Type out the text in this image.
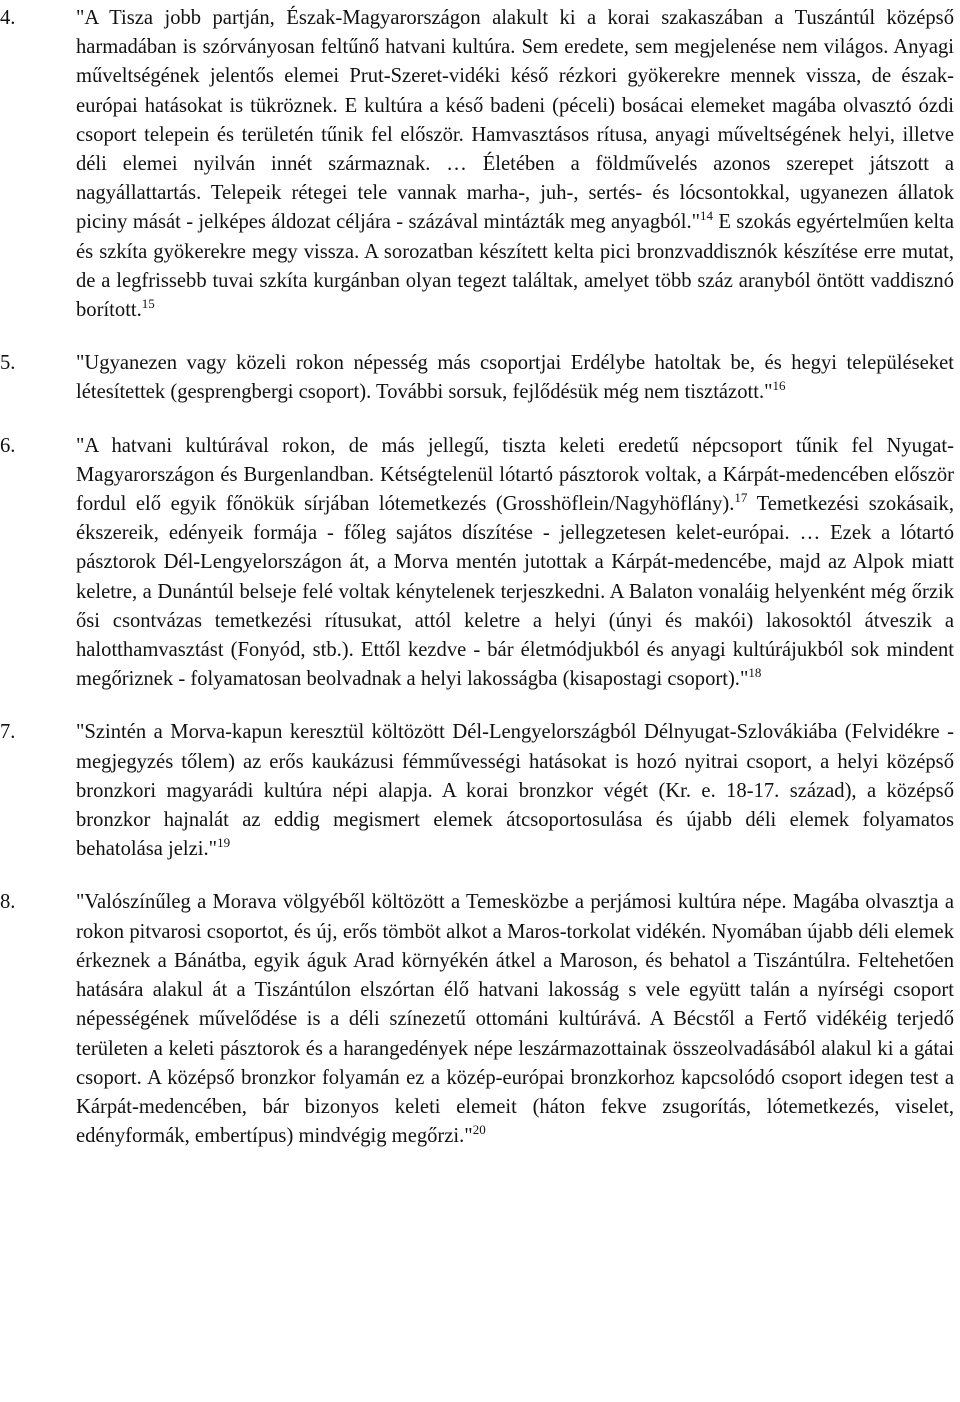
4.	"A Tisza jobb partján, Észak-Magyarországon alakult ki a korai szakaszában a Tuszántúl középső harmadában is szórványosan feltűnő hatvani kultúra. Sem eredete, sem megjelenése nem világos. Anyagi műveltségének jelentős elemei Prut-Szeret-vidéki késő rézkori gyökerekre mennek vissza, de észak-európai hatásokat is tükröznek. E kultúra a késő badeni (péceli) bosácai elemeket magába olvasztó ózdi csoport telepein és területén tűnik fel először. Hamvasztásos rítusa, anyagi műveltségének helyi, illetve déli elemei nyilván innét származnak. … Életében a földművelés azonos szerepet játszott a nagyállattartás. Telepeik rétegei tele vannak marha-, juh-, sertés- és lócsontokkal, ugyanezen állatok piciny mását - jelképes áldozat céljára - százával mintázták meg anyagból."$^{14}$ E szokás egyértelműen kelta és szkíta gyökerekre megy vissza. A sorozatban készített kelta pici bronzvaddisznók készítése erre mutat, de a legfrissebb tuvai szkíta kurgánban olyan tegezt találtak, amelyet több száz aranyból öntött vaddisznó borított.$^{15}$
5.	"Ugyanezen vagy közeli rokon népesség más csoportjai Erdélybe hatoltak be, és hegyi településeket létesítettek (gesprengbergi csoport). További sorsuk, fejlődésük még nem tisztázott."$^{16}$
6.	"A hatvani kultúrával rokon, de más jellegű, tiszta keleti eredetű népcsoport tűnik fel Nyugat-Magyarországon és Burgenlandban. Kétségtelenül lótartó pásztorok voltak, a Kárpát-medencében először fordul elő egyik főnökük sírjában lótemetkezés (Grosshöflein/Nagyhöflány).$^{17}$ Temetkezési szokásaik, ékszereik, edényeik formája - főleg sajátos díszítése - jellegzetesen kelet-európai. … Ezek a lótartó pásztorok Dél-Lengyelországon át, a Morva mentén jutottak a Kárpát-medencébe, majd az Alpok miatt keletre, a Dunántúl belseje felé voltak kénytelenek terjeszkedni. A Balaton vonaláig helyenként még őrzik ősi csontvázas temetkezési rítusukat, attól keletre a helyi (únyi és makói) lakosoktól átveszik a halotthamvasztást (Fonyód, stb.). Ettől kezdve - bár életmódjukból és anyagi kultúrájukból sok mindent megőriznek - folyamatosan beolvadnak a helyi lakosságba (kisapostagi csoport)."$^{18}$
7.	"Szintén a Morva-kapun keresztül költözött Dél-Lengyelországból Délnyugat-Szlovákiába (Felvidékre - megjegyzés tőlem) az erős kaukázusi fémművességi hatásokat is hozó nyitrai csoport, a helyi középső bronzkori magyarádi kultúra népi alapja. A korai bronzkor végét (Kr. e. 18-17. század), a középső bronzkor hajnalát az eddig megismert elemek átcsoportosulása és újabb déli elemek folyamatos behatolása jelzi."$^{19}$
8.	"Valószínűleg a Morava völgyéből költözött a Temesközbe a perjámosi kultúra népe. Magába olvasztja a rokon pitvarosi csoportot, és új, erős tömböt alkot a Maros-torkolat vidékén. Nyomában újabb déli elemek érkeznek a Bánátba, egyik águk Arad környékén átkel a Maroson, és behatol a Tiszántúlra. Feltehetően hatására alakul át a Tiszántúlon elszórtan élő hatvani lakosság s vele együtt talán a nyírségi csoport népességének művelődése is a déli színezetű ottománi kultúrává. A Bécstől a Fertő vidékéig terjedő területen a keleti pásztorok és a harangedények népe leszármazottainak összeolvadásából alakul ki a gátai csoport. A középső bronzkor folyamán ez a közép-európai bronzkorhoz kapcsolódó csoport idegen test a Kárpát-medencében, bár bizonyos keleti elemeit (háton fekve zsugorítás, lótemetkezés, viselet, edényformák, embertípus) mindvégig megőrzi."$^{20}$
